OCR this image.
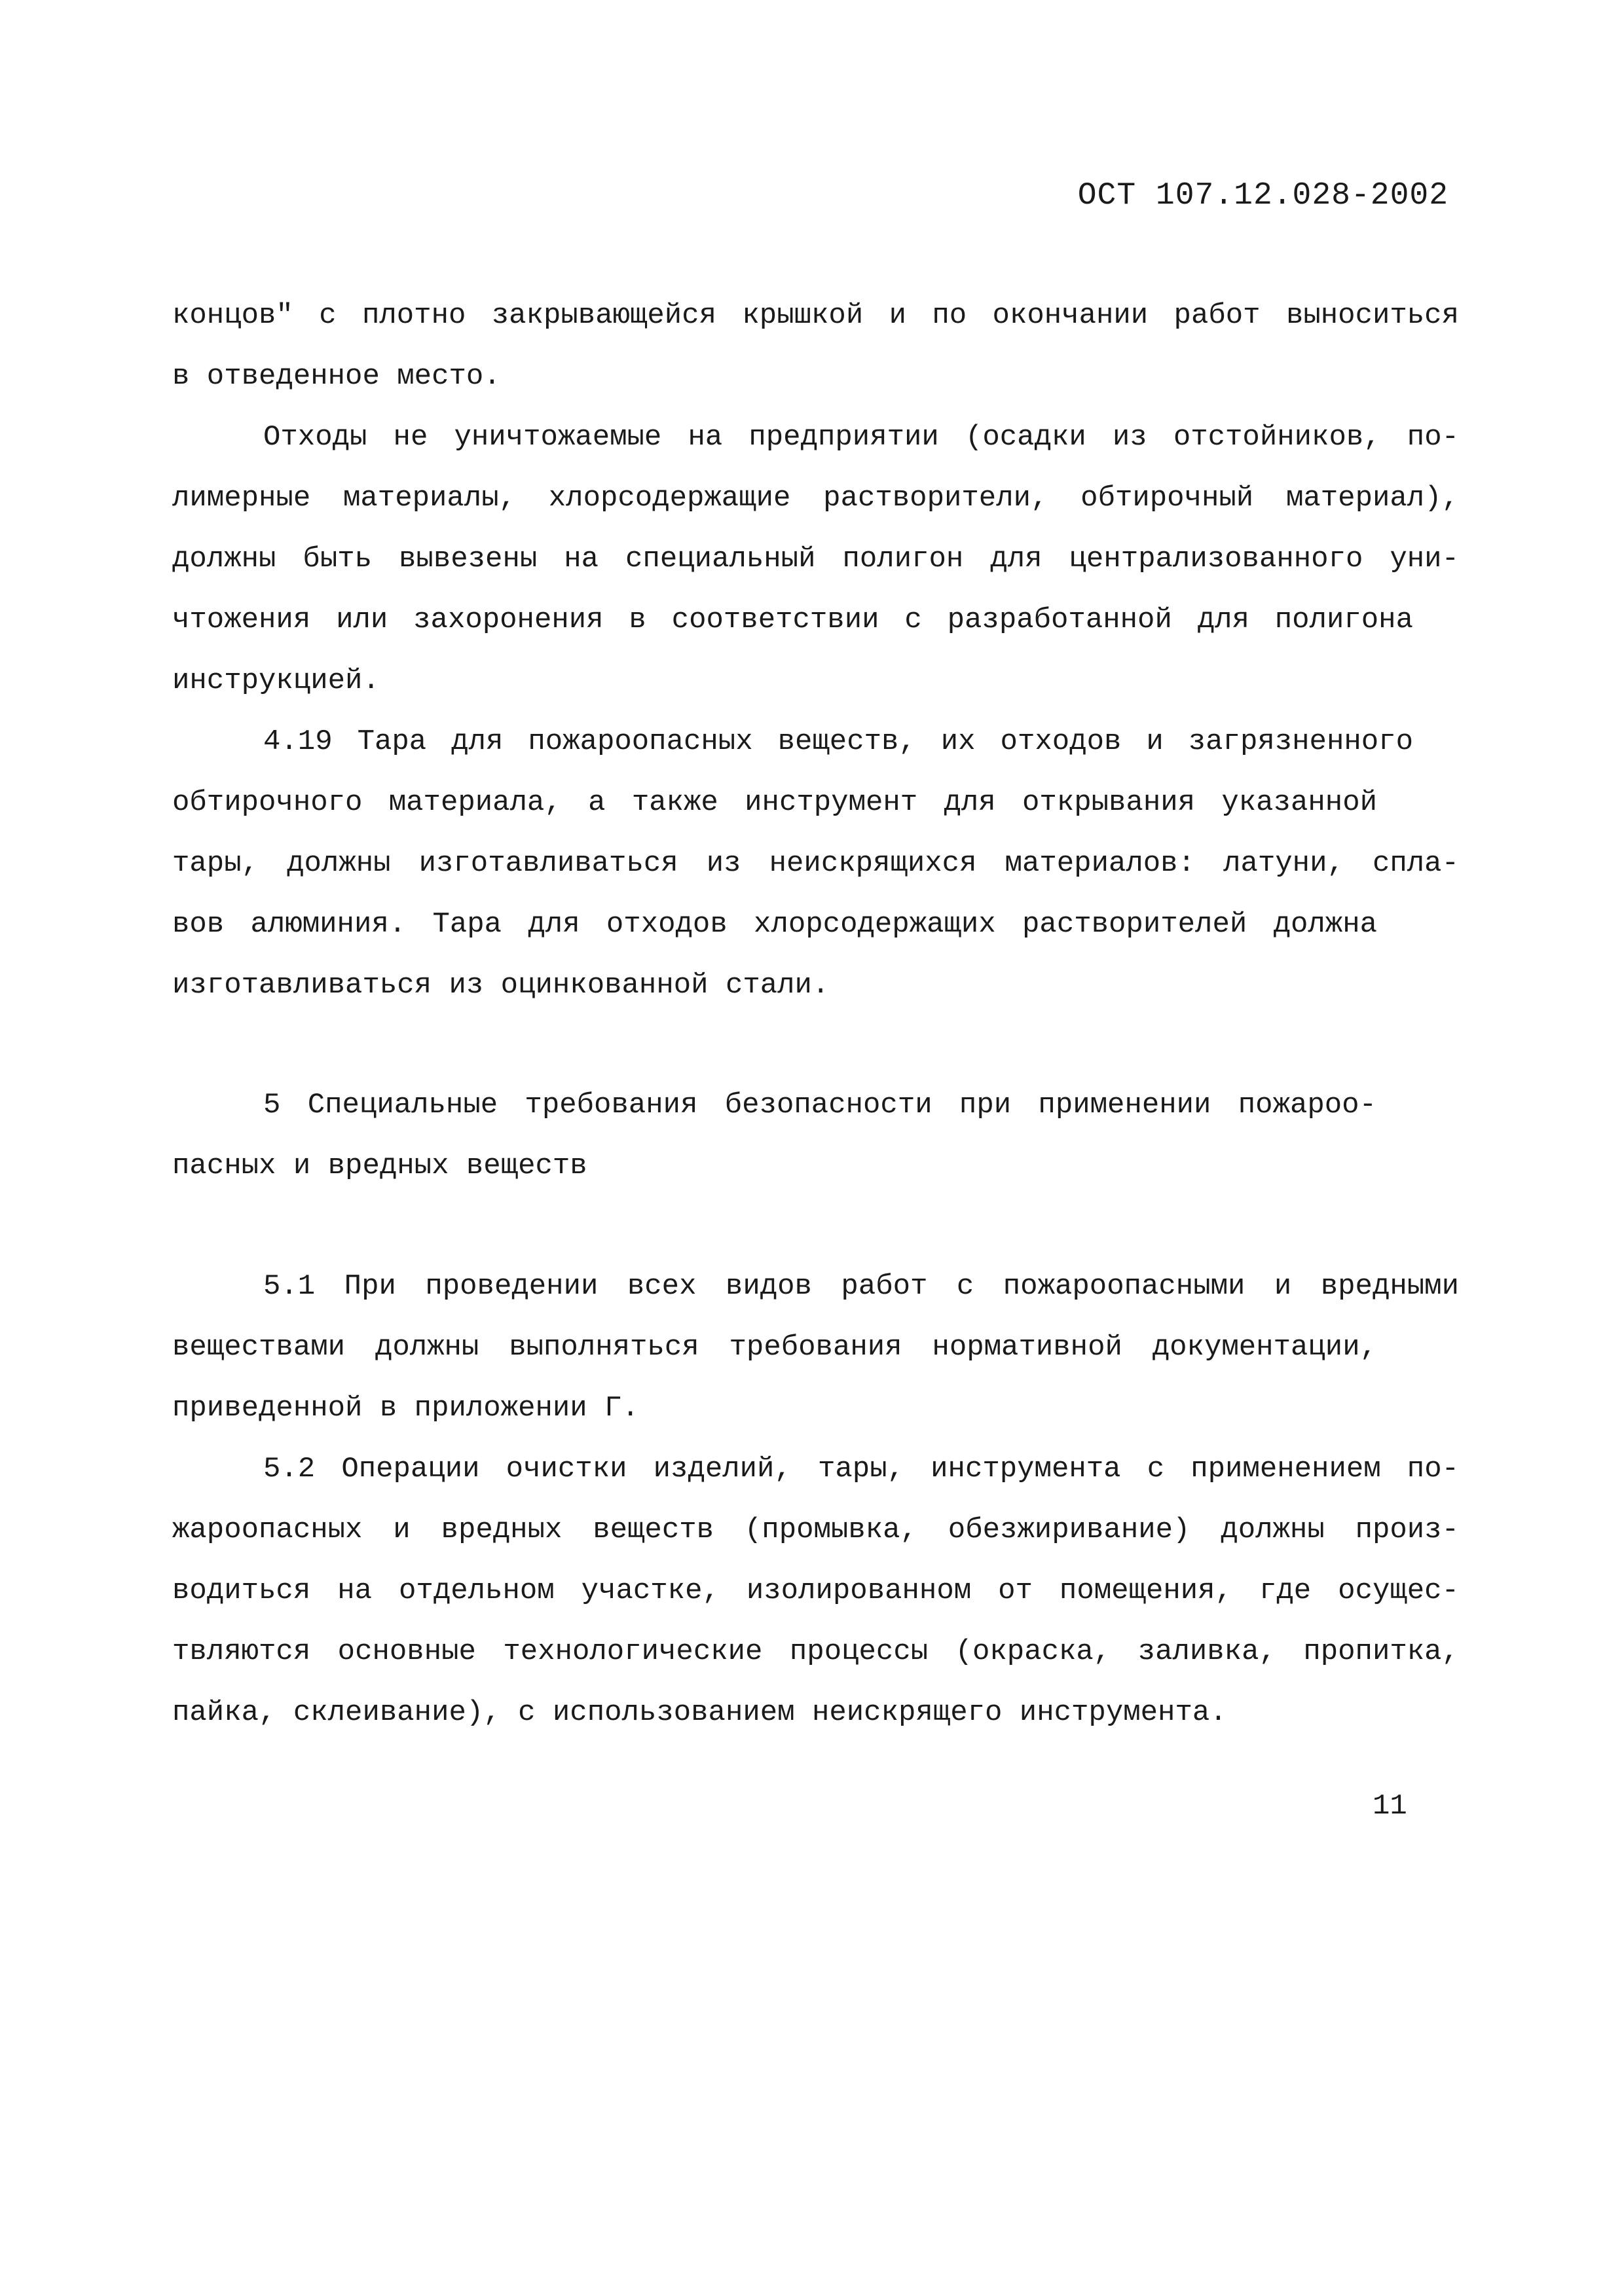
ОСТ 107.12.028-2002
концов" с плотно закрывающейся крышкой и по окончании работ выноситься
в отведенное место.
Отходы не уничтожаемые на предприятии (осадки из отстойников, по-
лимерные материалы, хлорсодержащие растворители, обтирочный материал),
должны быть вывезены на специальный полигон для централизованного уни-
чтожения или захоронения в соответствии с разработанной для полигона
инструкцией.
4.19 Тара для пожароопасных веществ, их отходов и загрязненного
обтирочного материала, а также инструмент для открывания указанной
тары, должны изготавливаться из неискрящихся материалов: латуни, спла-
вов алюминия. Тара для отходов хлорсодержащих растворителей должна
изготавливаться из оцинкованной стали.
5 Специальные требования безопасности при применении пожароо-
пасных и вредных веществ
5.1 При проведении всех видов работ с пожароопасными и вредными
веществами должны выполняться требования нормативной документации,
приведенной в приложении Г.
5.2 Операции очистки изделий, тары, инструмента с применением по-
жароопасных и вредных веществ (промывка, обезжиривание) должны произ-
водиться на отдельном участке, изолированном от помещения, где осущес-
твляются основные технологические процессы (окраска, заливка, пропитка,
пайка, склеивание), с использованием неискрящего инструмента.
11
